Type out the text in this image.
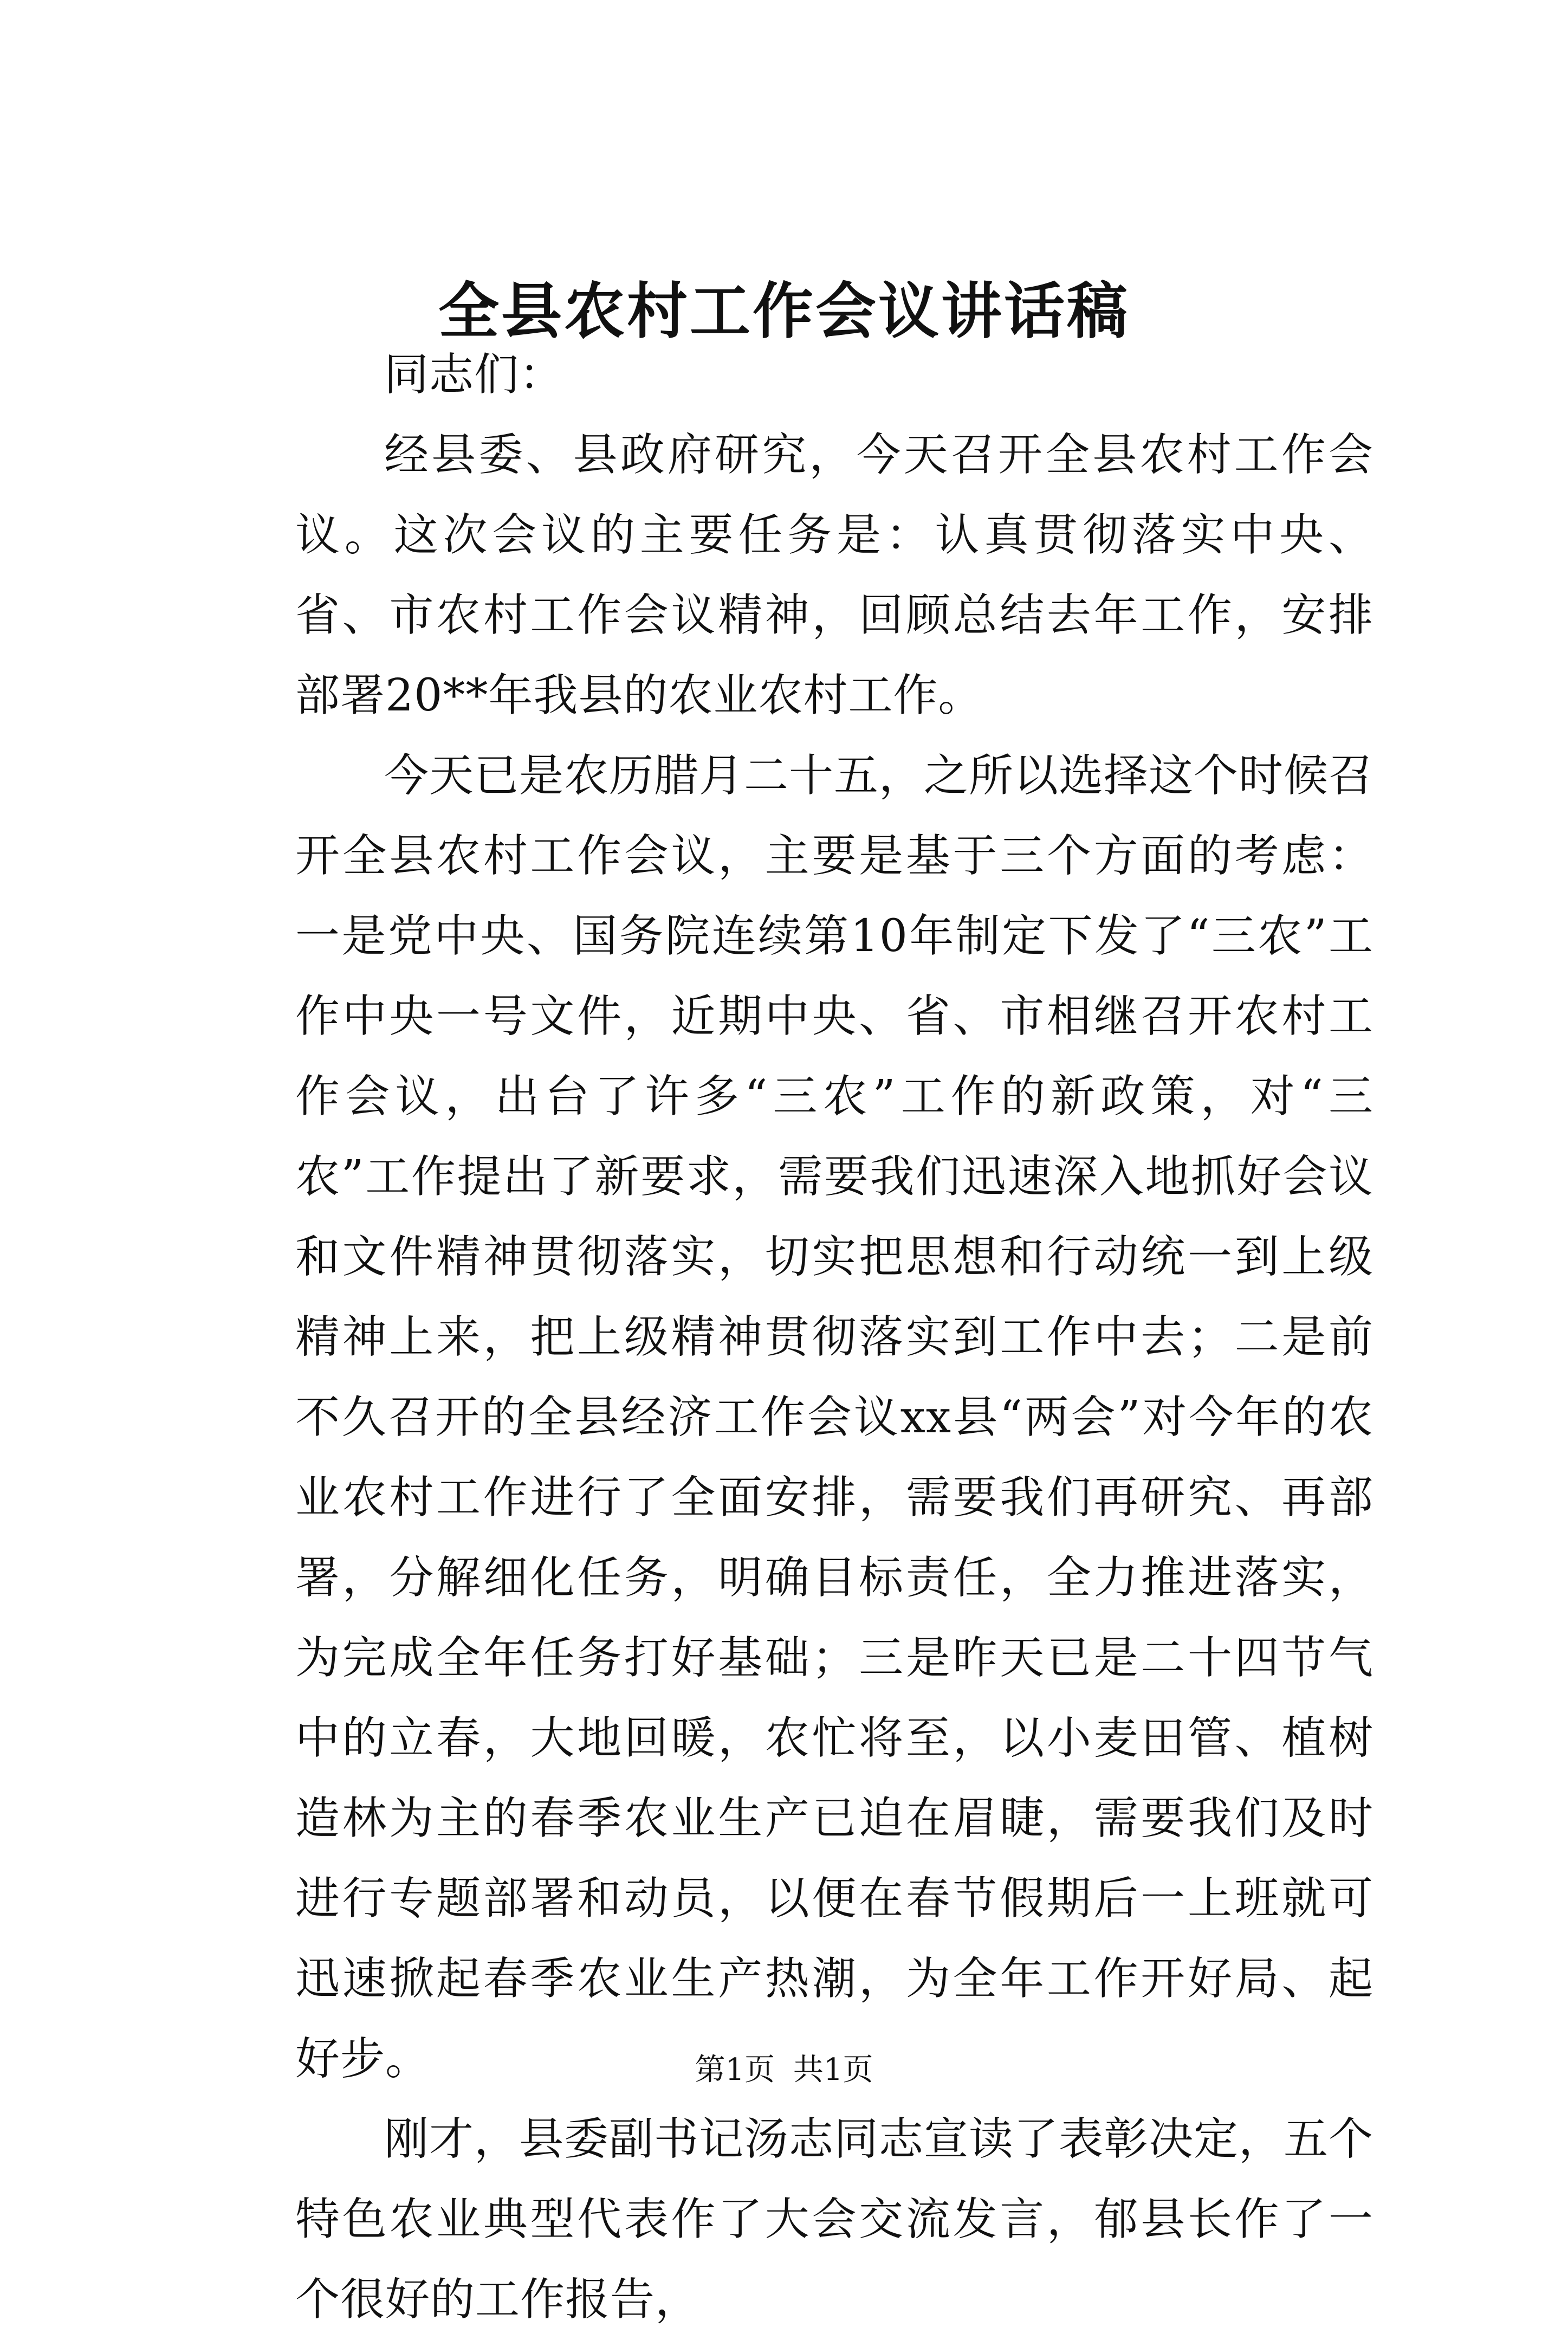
全县农村工作会议讲话稿

同志们：

经县委、县政府研究，今天召开全县农村工作会议。这次会议的主要任务是：认真贯彻落实中央、省、市农村工作会议精神，回顾总结去年工作，安排部署20**年我县的农业农村工作。

今天已是农历腊月二十五，之所以选择这个时候召开全县农村工作会议，主要是基于三个方面的考虑：一是党中央、国务院连续第10年制定下发了“三农”工作中央一号文件，近期中央、省、市相继召开农村工作会议，出台了许多“三农”工作的新政策，对“三农”工作提出了新要求，需要我们迅速深入地抓好会议和文件精神贯彻落实，切实把思想和行动统一到上级精神上来，把上级精神贯彻落实到工作中去；二是前不久召开的全县经济工作会议xx县“两会”对今年的农业农村工作进行了全面安排，需要我们再研究、再部署，分解细化任务，明确目标责任，全力推进落实，为完成全年任务打好基础；三是昨天已是二十四节气中的立春，大地回暖，农忙将至，以小麦田管、植树造林为主的春季农业生产已迫在眉睫，需要我们及时进行专题部署和动员，以便在春节假期后一上班就可迅速掀起春季农业生产热潮，为全年工作开好局、起好步。

刚才，县委副书记汤志同志宣读了表彰决定，五个特色农业典型代表作了大会交流发言，郁县长作了一个很好的工作报告，

第1页 共1页
